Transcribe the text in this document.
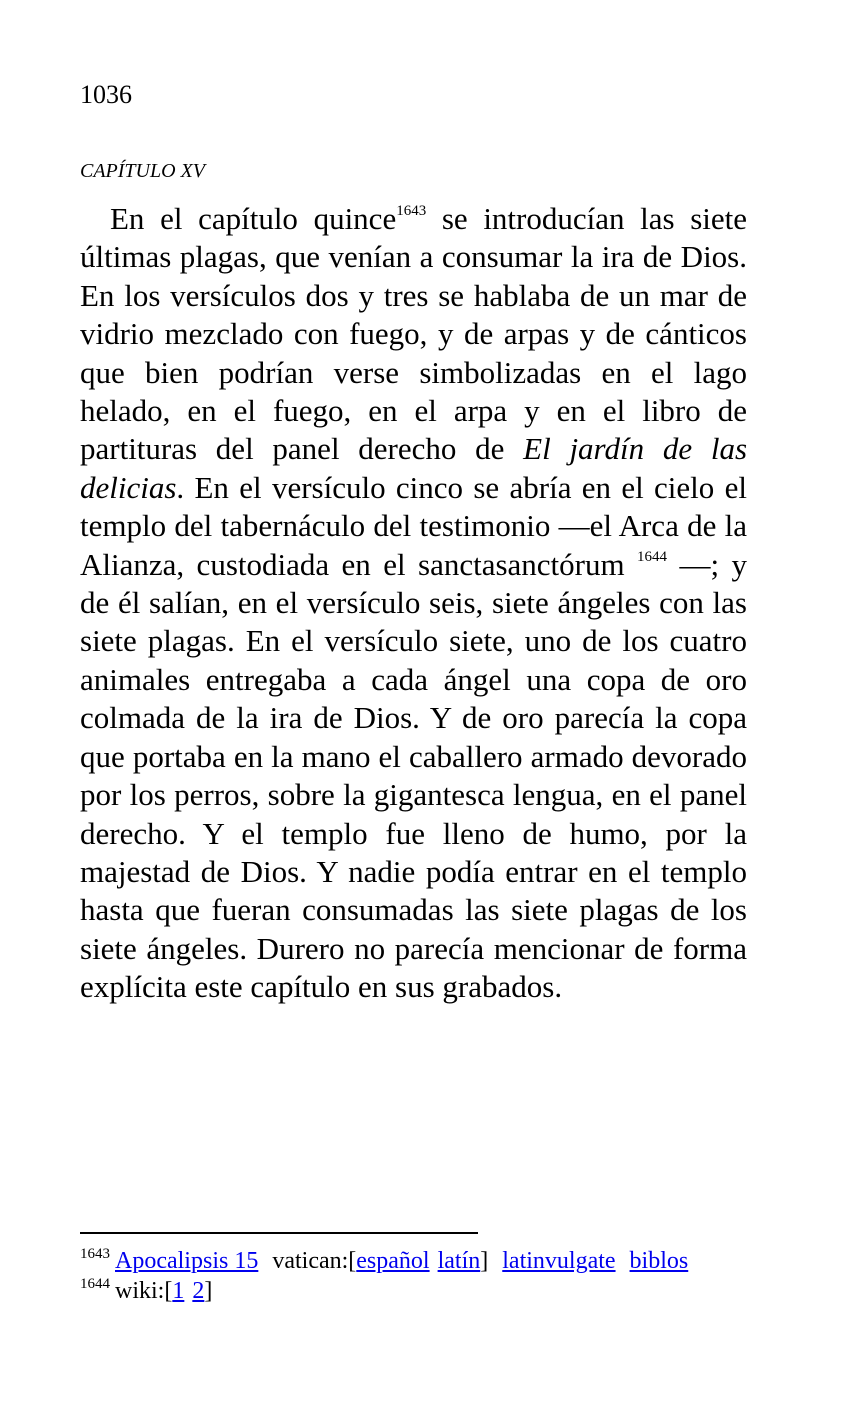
1036
CAPÍTULO XV

En el capítulo quince$^{1643}$ se introducían las siete últimas plagas, que venían a consumar la ira de Dios. En los versículos dos y tres se hablaba de un mar de vidrio mezclado con fuego, y de arpas y de cánticos que bien podrían verse simbolizadas en el lago helado, en el fuego, en el arpa y en el libro de partituras del panel derecho de El jardín de las delicias. En el versículo cinco se abría en el cielo el templo del tabernáculo del testimonio —el Arca de la Alianza, custodiada en el sanctasanctórum $^{1644}$ —; y de él salían, en el versículo seis, siete ángeles con las siete plagas. En el versículo siete, uno de los cuatro animales entregaba a cada ángel una copa de oro colmada de la ira de Dios. Y de oro parecía la copa que portaba en la mano el caballero armado devorado por los perros, sobre la gigantesca lengua, en el panel derecho. Y el templo fue lleno de humo, por la majestad de Dios. Y nadie podía entrar en el templo hasta que fueran consumadas las siete plagas de los siete ángeles. Durero no parecía mencionar de forma explícita este capítulo en sus grabados.

$^{1643}$ Apocalipsis 15 vatican:[español latín] latinvulgate biblos
$^{1644}$ wiki:[1 2]
